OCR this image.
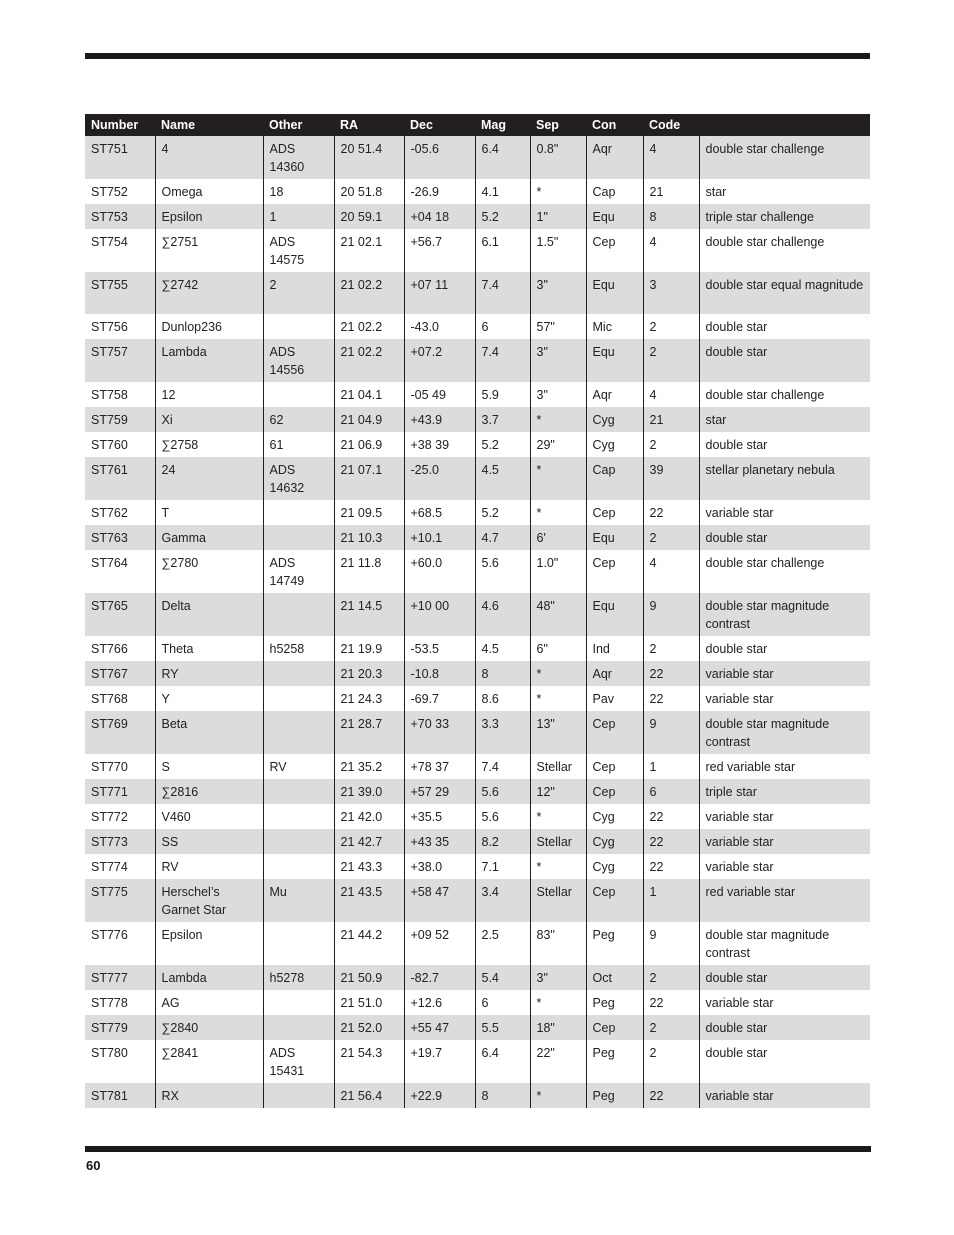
Number	Name	Other	RA	Dec	Mag	Sep	Con	Code	
ST751	4	ADS 14360	20 51.4	-05.6	6.4	0.8"	Aqr	4	double star challenge
ST752	Omega	18	20 51.8	-26.9	4.1	*	Cap	21	star
ST753	Epsilon	1	20 59.1	+04 18	5.2	1"	Equ	8	triple star challenge
ST754	∑2751	ADS 14575	21 02.1	+56.7	6.1	1.5"	Cep	4	double star challenge
ST755	∑2742	2	21 02.2	+07 11	7.4	3"	Equ	3	double star equal magnitude
ST756	Dunlop236		21 02.2	-43.0	6	57"	Mic	2	double star
ST757	Lambda	ADS 14556	21 02.2	+07.2	7.4	3"	Equ	2	double star
ST758	12		21 04.1	-05 49	5.9	3"	Aqr	4	double star challenge
ST759	Xi	62	21 04.9	+43.9	3.7	*	Cyg	21	star
ST760	∑2758	61	21 06.9	+38 39	5.2	29"	Cyg	2	double star
ST761	24	ADS 14632	21 07.1	-25.0	4.5	*	Cap	39	stellar planetary nebula
ST762	T		21 09.5	+68.5	5.2	*	Cep	22	variable star
ST763	Gamma		21 10.3	+10.1	4.7	6'	Equ	2	double star
ST764	∑2780	ADS 14749	21 11.8	+60.0	5.6	1.0"	Cep	4	double star challenge
ST765	Delta		21 14.5	+10 00	4.6	48"	Equ	9	double star magnitude contrast
ST766	Theta	h5258	21 19.9	-53.5	4.5	6"	Ind	2	double star
ST767	RY		21 20.3	-10.8	8	*	Aqr	22	variable star
ST768	Y		21 24.3	-69.7	8.6	*	Pav	22	variable star
ST769	Beta		21 28.7	+70 33	3.3	13"	Cep	9	double star magnitude contrast
ST770	S	RV	21 35.2	+78 37	7.4	Stellar	Cep	1	red variable star
ST771	∑2816		21 39.0	+57 29	5.6	12"	Cep	6	triple star
ST772	V460		21 42.0	+35.5	5.6	*	Cyg	22	variable star
ST773	SS		21 42.7	+43 35	8.2	Stellar	Cyg	22	variable star
ST774	RV		21 43.3	+38.0	7.1	*	Cyg	22	variable star
ST775	Herschel’s Garnet Star	Mu	21 43.5	+58 47	3.4	Stellar	Cep	1	red variable star
ST776	Epsilon		21 44.2	+09 52	2.5	83"	Peg	9	double star magnitude contrast
ST777	Lambda	h5278	21 50.9	-82.7	5.4	3"	Oct	2	double star
ST778	AG		21 51.0	+12.6	6	*	Peg	22	variable star
ST779	∑2840		21 52.0	+55 47	5.5	18"	Cep	2	double star
ST780	∑2841	ADS 15431	21 54.3	+19.7	6.4	22"	Peg	2	double star
ST781	RX		21 56.4	+22.9	8	*	Peg	22	variable star
60
